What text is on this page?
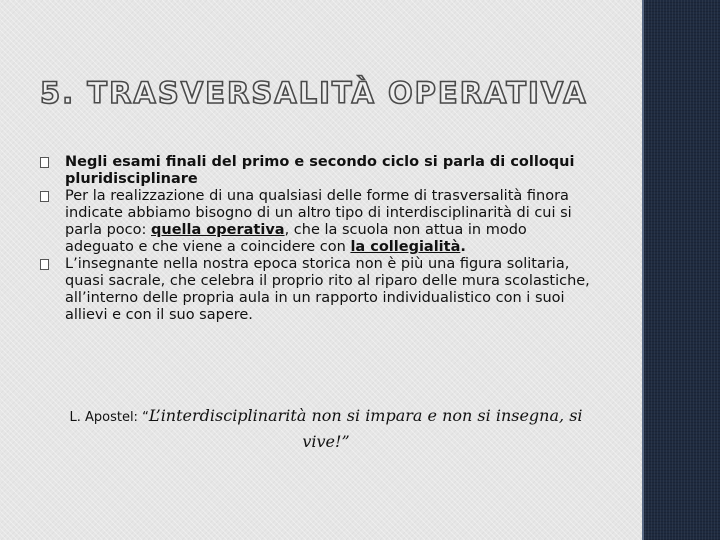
5. TRASVERSALITÀ OPERATIVA
Negli esami finali del primo e secondo ciclo si parla di colloqui pluridisciplinare
Per la realizzazione di una qualsiasi delle forme di trasversalità finora indicate abbiamo bisogno di un altro tipo di interdisciplinarità di cui si parla poco: quella operativa, che la scuola non attua in modo adeguato e che viene a coincidere con la collegialità.
L’insegnante nella nostra epoca storica non è più una figura solitaria, quasi sacrale, che celebra il proprio rito al riparo delle mura scolastiche, all’interno delle propria aula in un rapporto individualistico con i suoi allievi e con il suo sapere.

L. Apostel: “L’interdisciplinarità non si impara e non si insegna, si vive!”
